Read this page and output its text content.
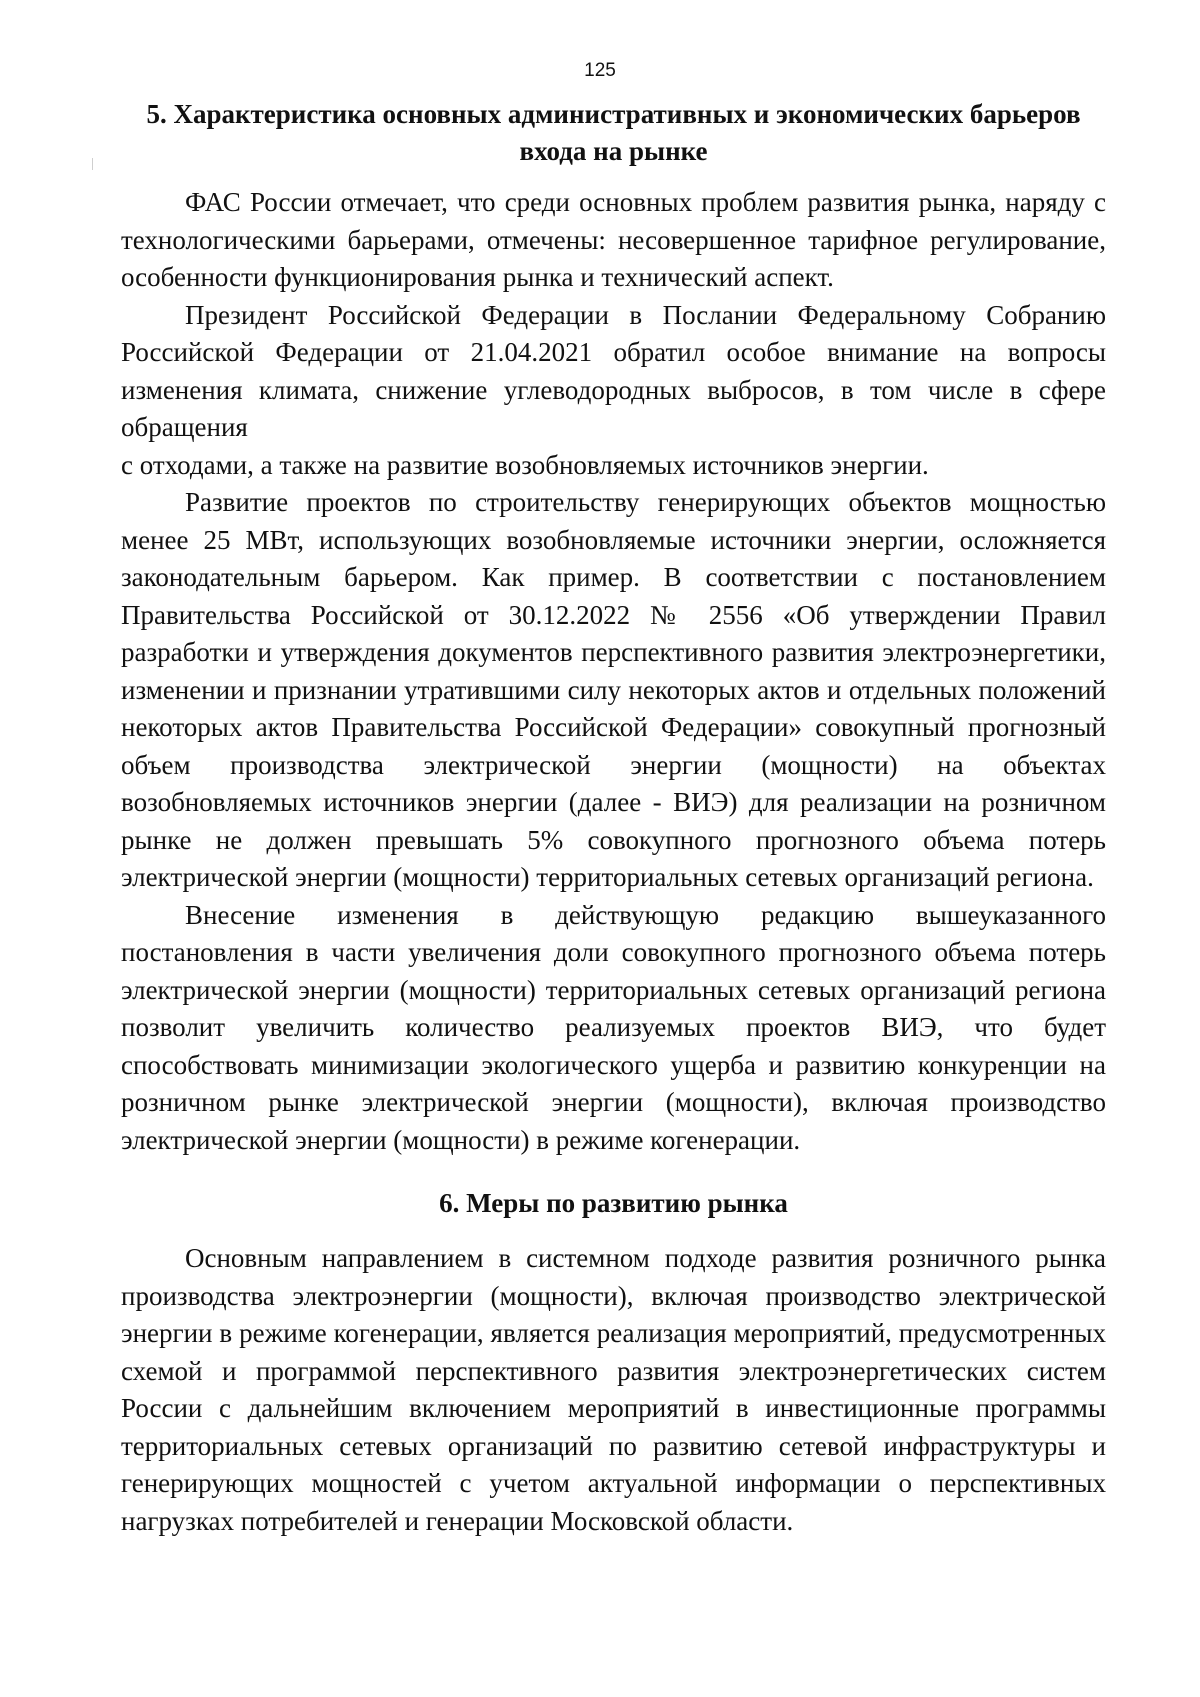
125
5. Характеристика основных административных и экономических барьеров входа на рынке

ФАС России отмечает, что среди основных проблем развития рынка, наряду с технологическими барьерами, отмечены: несовершенное тарифное регулирование, особенности функционирования рынка и технический аспект.

Президент Российской Федерации в Послании Федеральному Собранию Российской Федерации от 21.04.2021 обратил особое внимание на вопросы изменения климата, снижение углеводородных выбросов, в том числе в сфере обращения

с отходами, а также на развитие возобновляемых источников энергии.

Развитие проектов по строительству генерирующих объектов мощностью менее 25 МВт, использующих возобновляемые источники энергии, осложняется законодательным барьером. Как пример. В соответствии с постановлением Правительства Российской от 30.12.2022 № 2556 «Об утверждении Правил разработки и утверждения документов перспективного развития электроэнергетики, изменении и признании утратившими силу некоторых актов и отдельных положений некоторых актов Правительства Российской Федерации» совокупный прогнозный объем производства электрической энергии (мощности) на объектах возобновляемых источников энергии (далее - ВИЭ) для реализации на розничном рынке не должен превышать 5% совокупного прогнозного объема потерь электрической энергии (мощности) территориальных сетевых организаций региона.

Внесение изменения в действующую редакцию вышеуказанного постановления в части увеличения доли совокупного прогнозного объема потерь электрической энергии (мощности) территориальных сетевых организаций региона позволит увеличить количество реализуемых проектов ВИЭ, что будет способствовать минимизации экологического ущерба и развитию конкуренции на розничном рынке электрической энергии (мощности), включая производство электрической энергии (мощности) в режиме когенерации.

6. Меры по развитию рынка

Основным направлением в системном подходе развития розничного рынка производства электроэнергии (мощности), включая производство электрической энергии в режиме когенерации, является реализация мероприятий, предусмотренных схемой и программой перспективного развития электроэнергетических систем России с дальнейшим включением мероприятий в инвестиционные программы территориальных сетевых организаций по развитию сетевой инфраструктуры и генерирующих мощностей с учетом актуальной информации о перспективных нагрузках потребителей и генерации Московской области.
